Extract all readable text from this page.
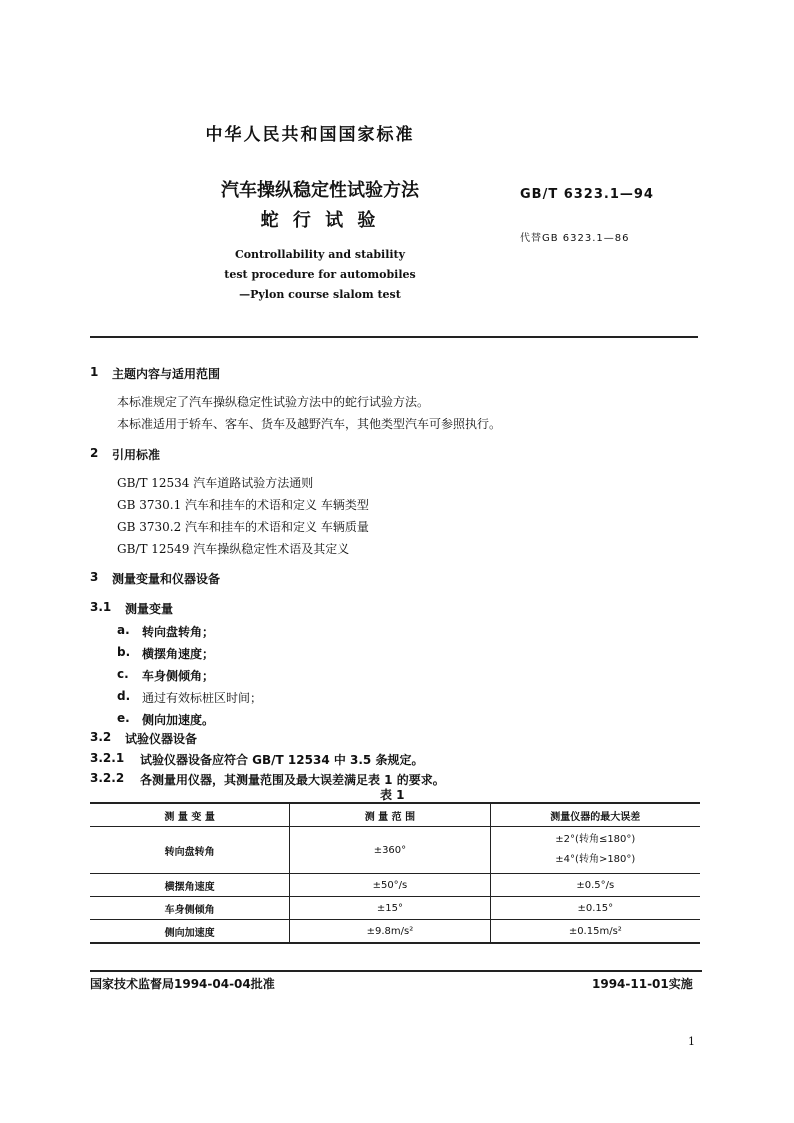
中华人民共和国国家标准
汽车操纵稳定性试验方法
蛇 行 试 验
Controllability and stability
test procedure for automobiles
—Pylon course slalom test
GB/T 6323.1—94
代替GB 6323.1—86
1 主题内容与适用范围
本标准规定了汽车操纵稳定性试验方法中的蛇行试验方法。
本标准适用于轿车、客车、货车及越野汽车，其他类型汽车可参照执行。
2 引用标准
GB/T 12534 汽车道路试验方法通则
GB 3730.1 汽车和挂车的术语和定义 车辆类型
GB 3730.2 汽车和挂车的术语和定义 车辆质量
GB/T 12549 汽车操纵稳定性术语及其定义
3 测量变量和仪器设备
3.1 测量变量
a. 转向盘转角；
b. 横摆角速度；
c. 车身侧倾角；
d. 通过有效标桩区时间；
e. 侧向加速度。
3.2 试验仪器设备
3.2.1 试验仪器设备应符合 GB/T 12534 中 3.5 条规定。
3.2.2 各测量用仪器，其测量范围及最大误差满足表 1 的要求。
表 1
测 量 变 量	测 量 范 围	测量仪器的最大误差
转向盘转角	±360°	±2°(转角≤180°)
±4°(转角>180°)

横摆角速度	±50°/s	±0.5°/s
车身侧倾角	±15°	±0.15°
侧向加速度	±9.8m/s²	±0.15m/s²
国家技术监督局1994-04-04批准	1994-11-01实施
1
